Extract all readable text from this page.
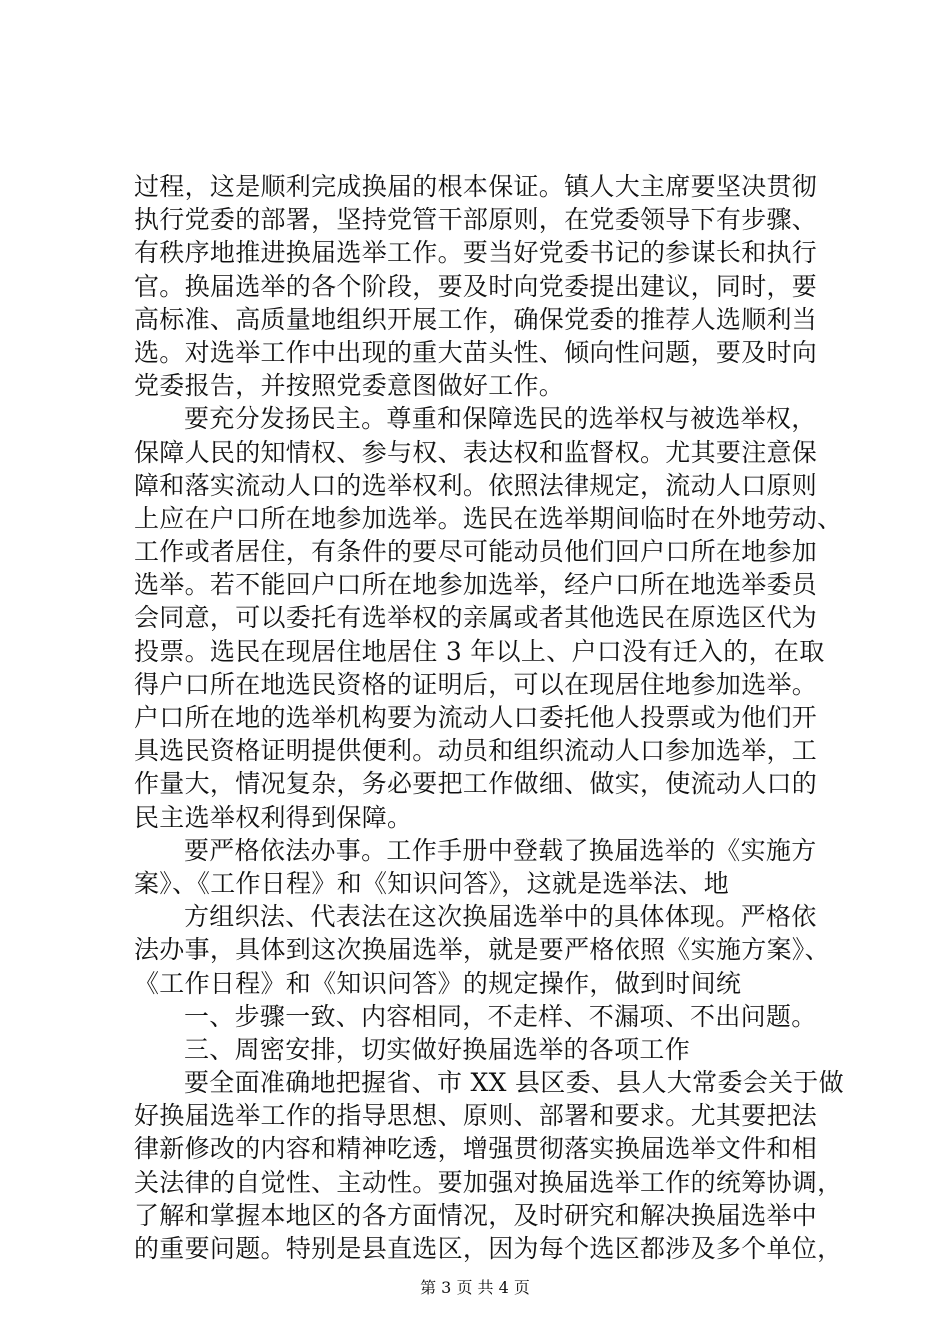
过程，这是顺利完成换届的根本保证。镇人大主席要坚决贯彻
执行党委的部署，坚持党管干部原则，在党委领导下有步骤、
有秩序地推进换届选举工作。要当好党委书记的参谋长和执行
官。换届选举的各个阶段，要及时向党委提出建议，同时，要
高标准、高质量地组织开展工作，确保党委的推荐人选顺利当
选。对选举工作中出现的重大苗头性、倾向性问题，要及时向
党委报告，并按照党委意图做好工作。
要充分发扬民主。尊重和保障选民的选举权与被选举权，
保障人民的知情权、参与权、表达权和监督权。尤其要注意保
障和落实流动人口的选举权利。依照法律规定，流动人口原则
上应在户口所在地参加选举。选民在选举期间临时在外地劳动、
工作或者居住，有条件的要尽可能动员他们回户口所在地参加
选举。若不能回户口所在地参加选举，经户口所在地选举委员
会同意，可以委托有选举权的亲属或者其他选民在原选区代为
投票。选民在现居住地居住 3 年以上、户口没有迁入的，在取
得户口所在地选民资格的证明后，可以在现居住地参加选举。
户口所在地的选举机构要为流动人口委托他人投票或为他们开
具选民资格证明提供便利。动员和组织流动人口参加选举，工
作量大，情况复杂，务必要把工作做细、做实，使流动人口的
民主选举权利得到保障。
要严格依法办事。工作手册中登载了换届选举的《实施方
案》、《工作日程》和《知识问答》，这就是选举法、地
方组织法、代表法在这次换届选举中的具体体现。严格依
法办事，具体到这次换届选举，就是要严格依照《实施方案》、
《工作日程》和《知识问答》的规定操作，做到时间统
一、步骤一致、内容相同，不走样、不漏项、不出问题。
三、周密安排，切实做好换届选举的各项工作
要全面准确地把握省、市 XX 县区委、县人大常委会关于做
好换届选举工作的指导思想、原则、部署和要求。尤其要把法
律新修改的内容和精神吃透，增强贯彻落实换届选举文件和相
关法律的自觉性、主动性。要加强对换届选举工作的统筹协调，
了解和掌握本地区的各方面情况，及时研究和解决换届选举中
的重要问题。特别是县直选区，因为每个选区都涉及多个单位，
第 3 页 共 4 页
